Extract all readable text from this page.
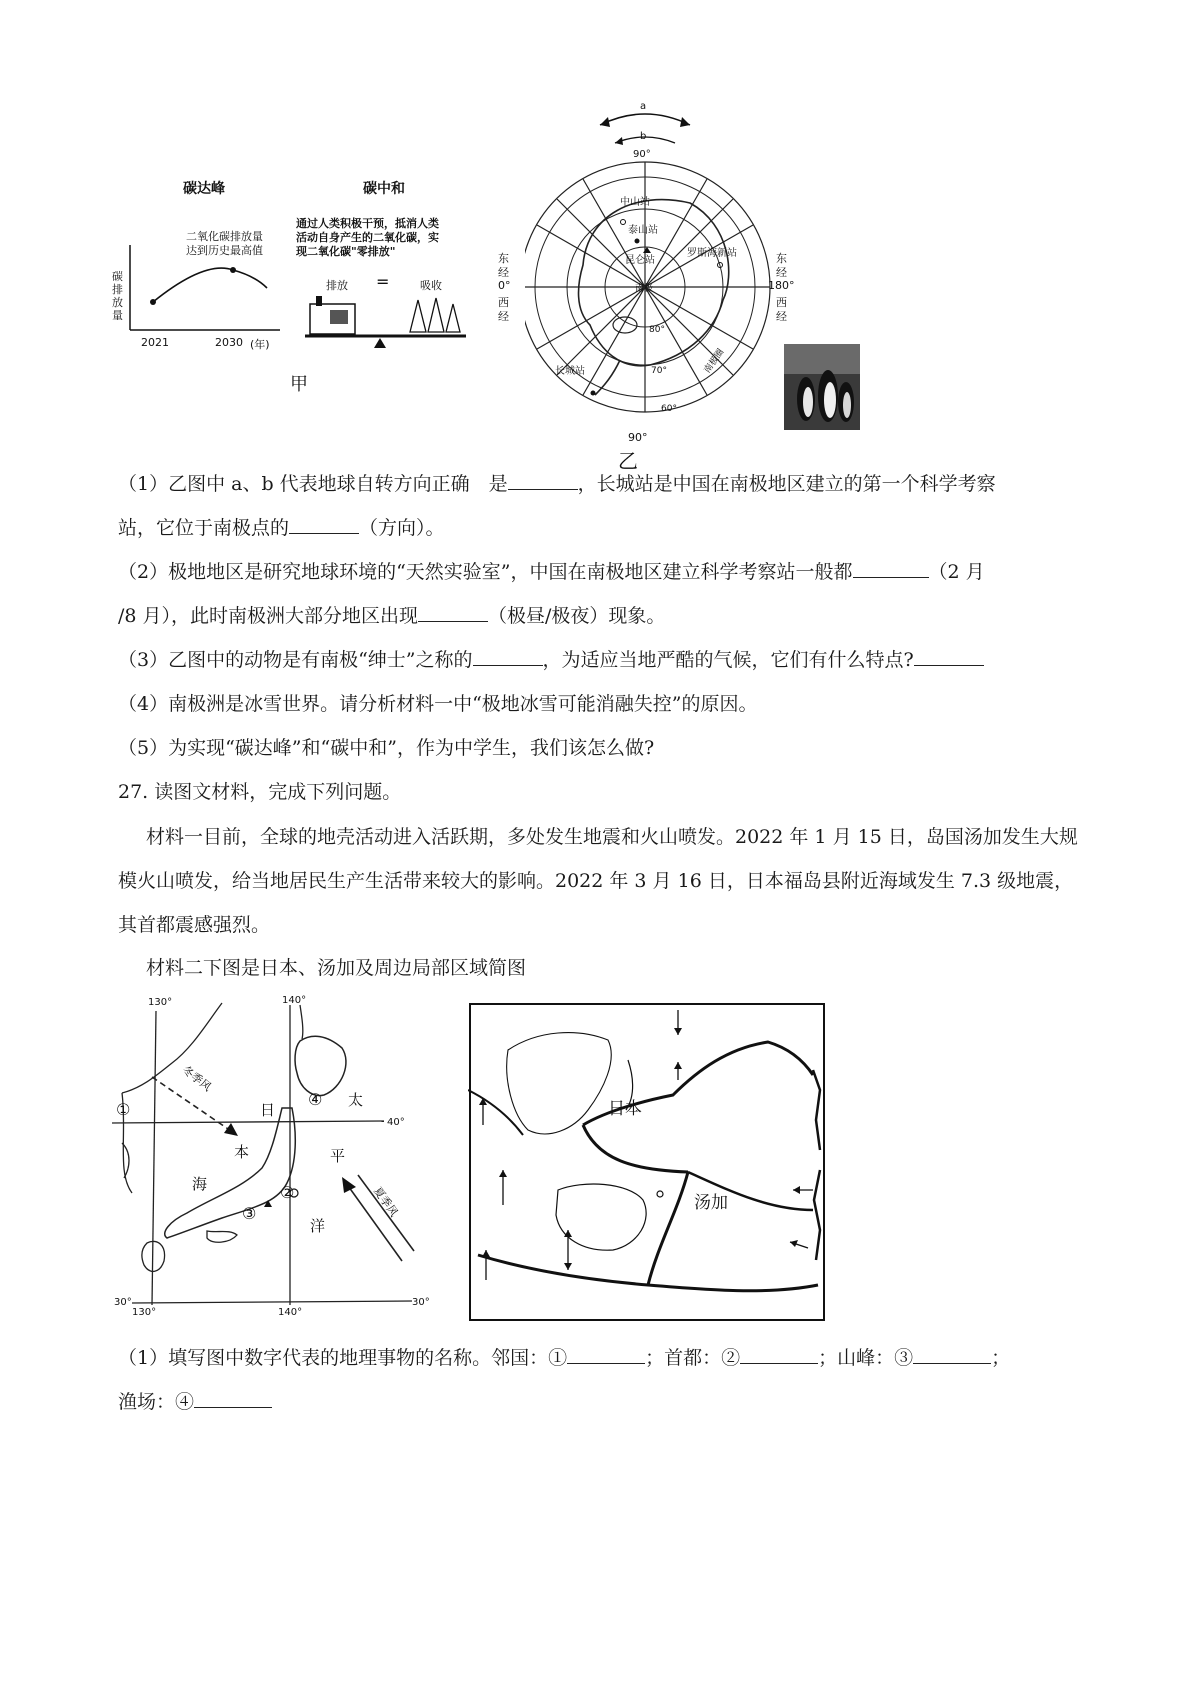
碳达峰	碳中和
二氧化碳排放量
达到历史最高值
碳排放量
2021	2030 (年)
通过人类积极干预，抵消人类
活动自身产生的二氧化碳，实
现二氧化碳"零排放"
排放 =	吸收
甲
a
b
90°
中山站
泰山站
昆仑站
罗斯海新站
南极
80°
70°
60°
长城站	南极圈
90°
乙
东
经
0°
西
经
东
经
180°
西
经
（1）乙图中 a、b 代表地球自转方向正确　是	，长城站是中国在南极地区建立的第一个科学考察
站，它位于南极点的	（方向）。
（2）极地地区是研究地球环境的“天然实验室”，中国在南极地区建立科学考察站一般都	（2 月
/8 月），此时南极洲大部分地区出现	（极昼/极夜）现象。
（3）乙图中的动物是有南极“绅士”之称的	，为适应当地严酷的气候，它们有什么特点?
（4）南极洲是冰雪世界。请分析材料一中“极地冰雪可能消融失控”的原因。
（5）为实现“碳达峰”和“碳中和”，作为中学生，我们该怎么做?
27. 读图文材料，完成下列问题。
材料一目前，全球的地壳活动进入活跃期，多处发生地震和火山喷发。2022 年 1 月 15 日，岛国汤加发生大规模火山喷发，给当地居民生产生活带来较大的影响。2022 年 3 月 16 日，日本福岛县附近海域发生 7.3 级地震，其首都震感强烈。
材料二下图是日本、汤加及周边局部区域简图
130°	140°
40°
30°
130°	140°
30°
冬季风
夏季风
日
本
海
太
平
洋
①
②
③
④	日本
汤加
（1）填写图中数字代表的地理事物的名称。邻国：①	；首都：②	；山峰：③	；
渔场：④
